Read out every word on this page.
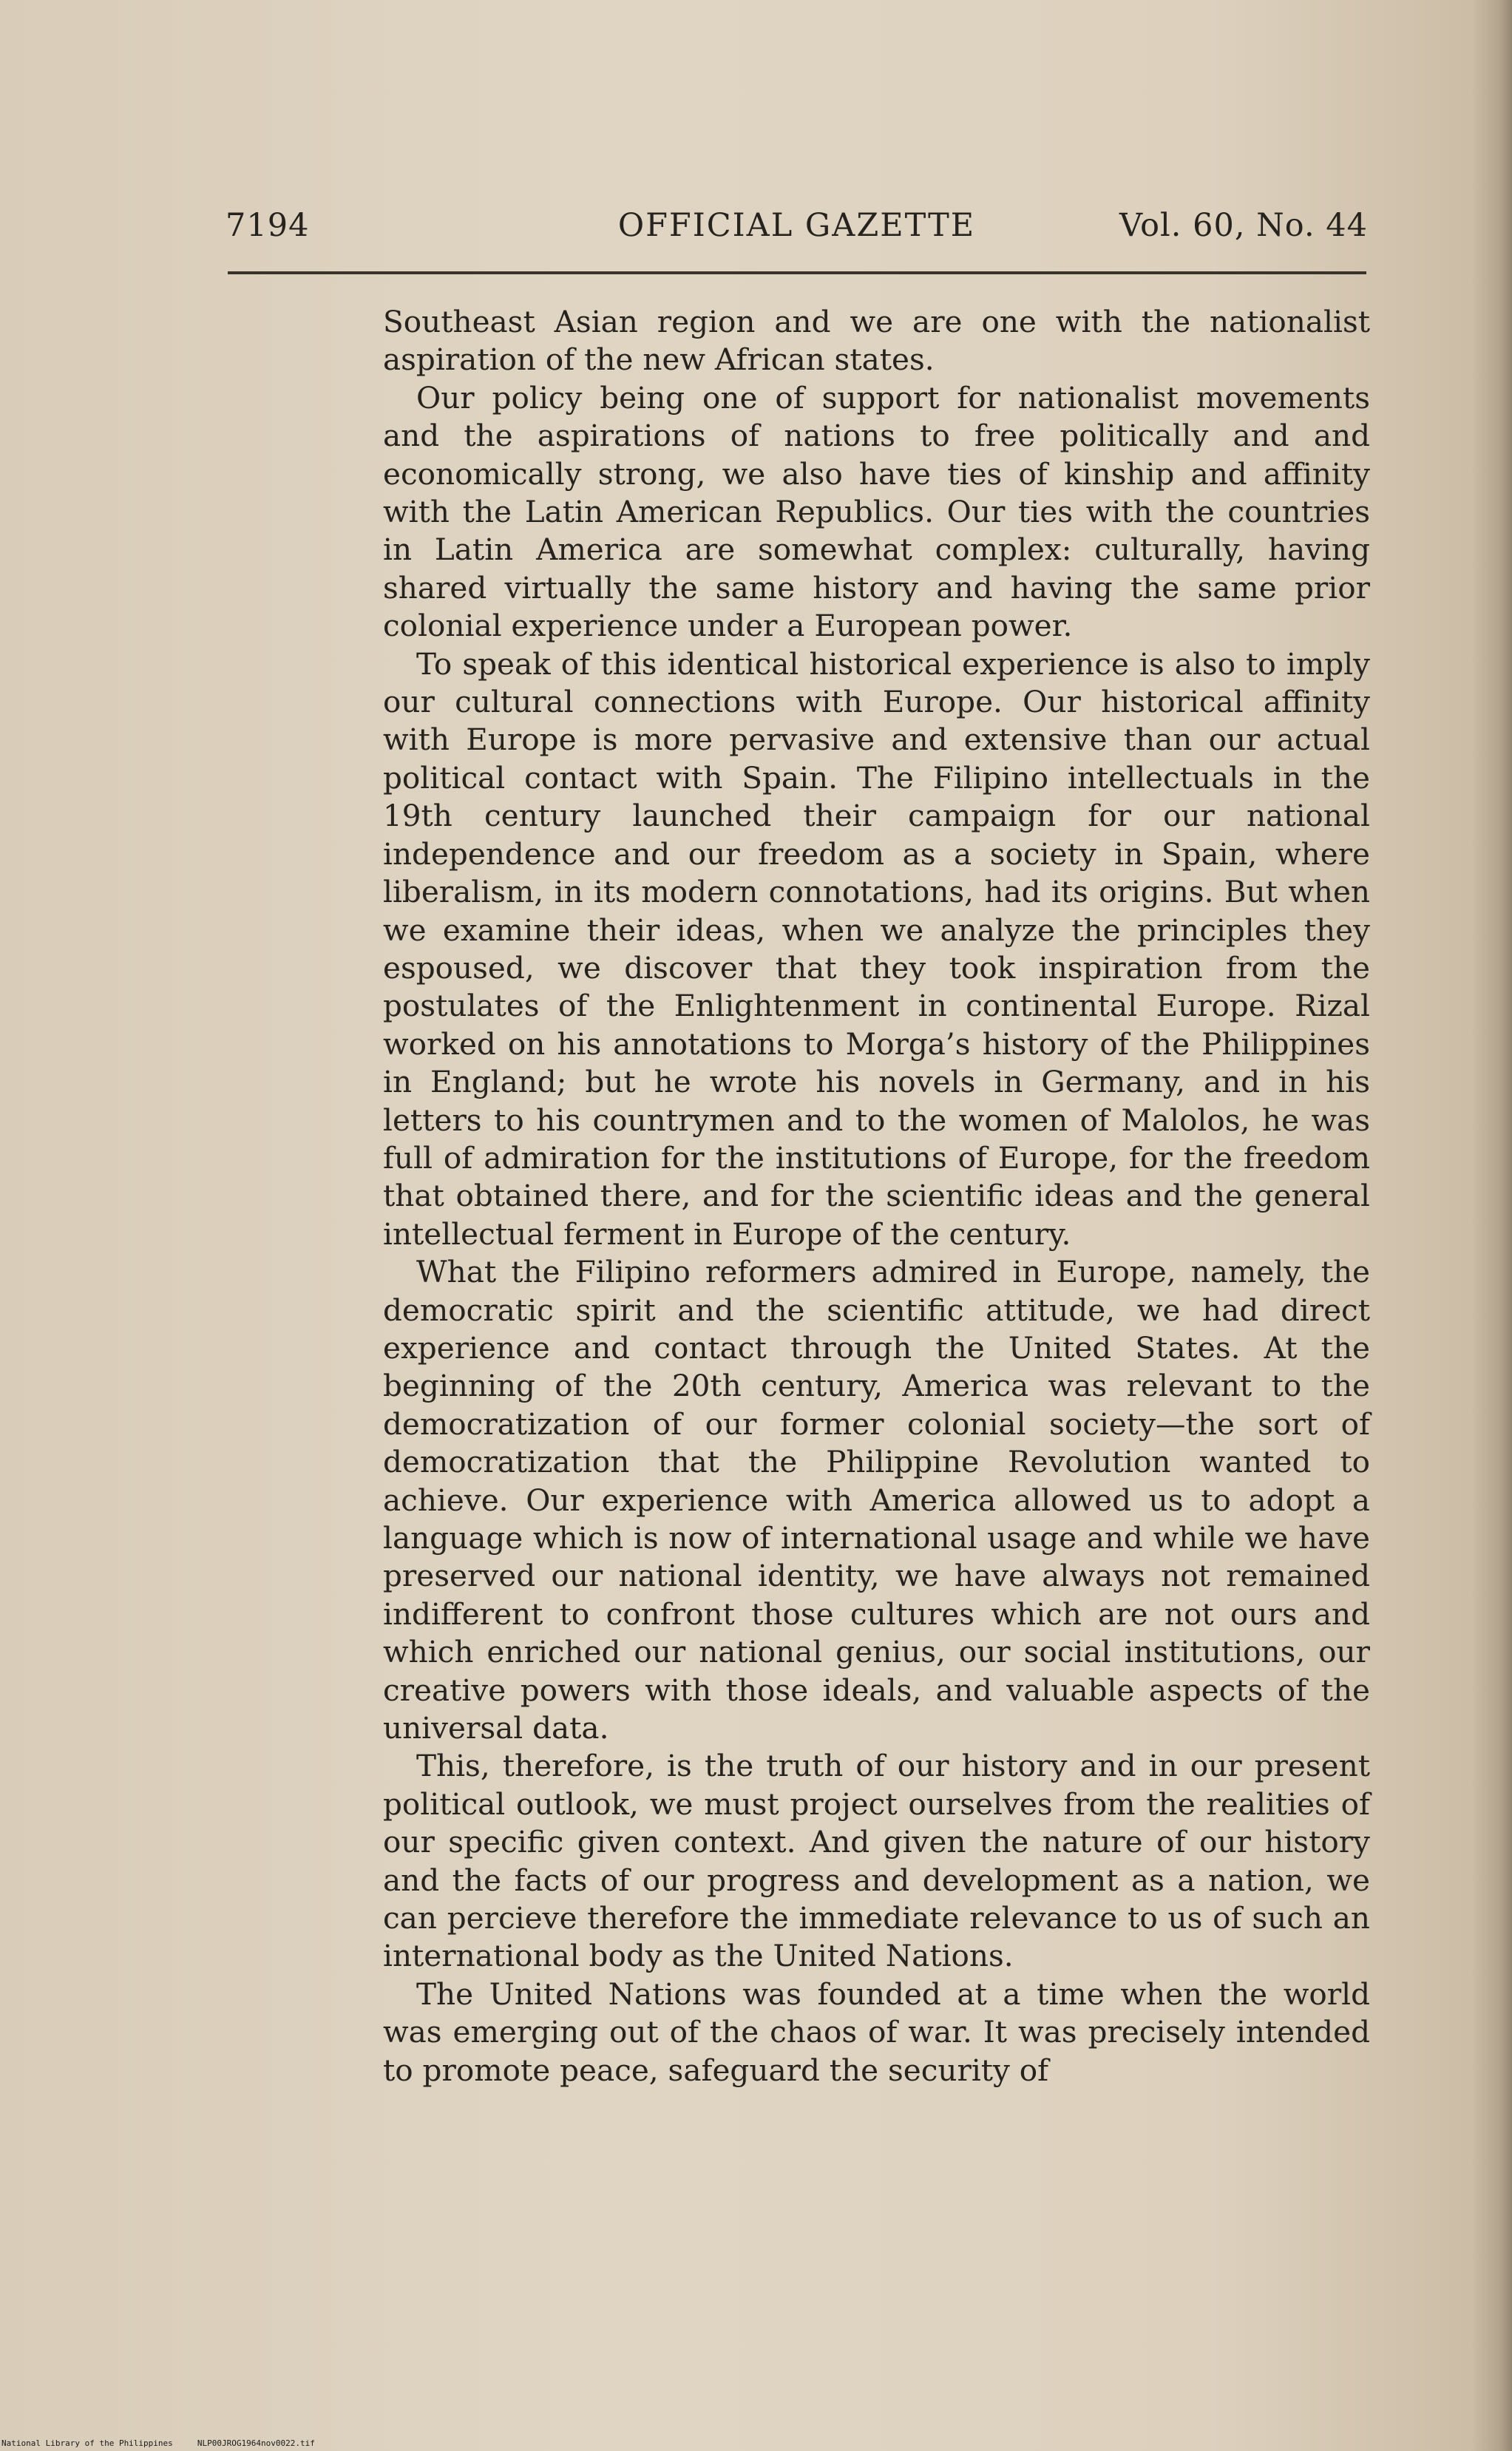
7194	OFFICIAL GAZETTE	Vol. 60, No. 44

Southeast Asian region and we are one with the nationalist aspiration of the new African states.

Our policy being one of support for nationalist movements and the aspirations of nations to free politically and and economically strong, we also have ties of kinship and affinity with the Latin American Republics. Our ties with the countries in Latin America are somewhat complex: culturally, having shared virtually the same history and having the same prior colonial experience under a European power.

To speak of this identical historical experience is also to imply our cultural connections with Europe. Our historical affinity with Europe is more pervasive and extensive than our actual political contact with Spain. The Filipino intellectuals in the 19th century launched their campaign for our national independence and our freedom as a society in Spain, where liberalism, in its modern connotations, had its origins. But when we examine their ideas, when we analyze the principles they espoused, we discover that they took inspiration from the postulates of the Enlightenment in continental Europe. Rizal worked on his annotations to Morga’s history of the Philippines in England; but he wrote his novels in Germany, and in his letters to his countrymen and to the women of Malolos, he was full of admiration for the institutions of Europe, for the freedom that obtained there, and for the scientific ideas and the general intellectual ferment in Europe of the century.

What the Filipino reformers admired in Europe, namely, the democratic spirit and the scientific attitude, we had direct experience and contact through the United States. At the beginning of the 20th century, America was relevant to the democratization of our former colonial society—the sort of democratization that the Philippine Revolution wanted to achieve. Our experience with America allowed us to adopt a language which is now of international usage and while we have preserved our national identity, we have always not remained indifferent to confront those cultures which are not ours and which enriched our national genius, our social institutions, our creative powers with those ideals, and valuable aspects of the universal data.

This, therefore, is the truth of our history and in our present political outlook, we must project ourselves from the realities of our specific given context. And given the nature of our history and the facts of our progress and development as a nation, we can percieve therefore the immediate relevance to us of such an international body as the United Nations.

The United Nations was founded at a time when the world was emerging out of the chaos of war. It was precisely intended to promote peace, safeguard the security of

National Library of the Philippines	NLP00JROG1964nov0022.tif
